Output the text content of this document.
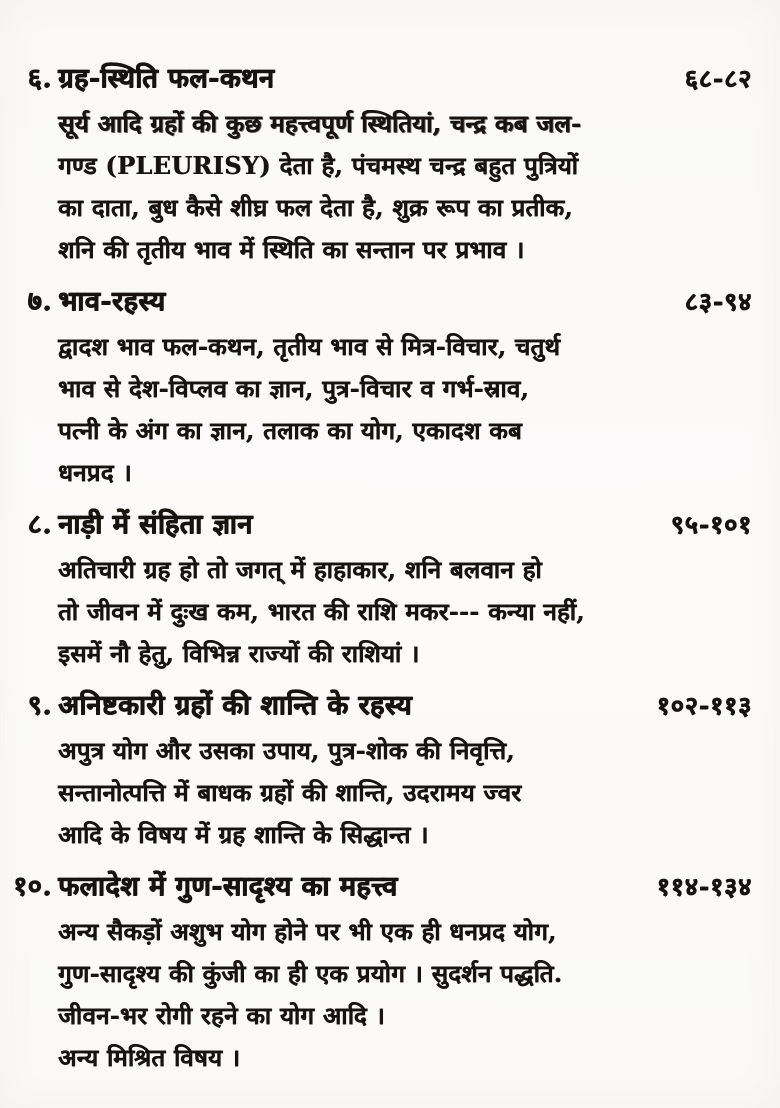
६. ग्रह-स्थिति फल-कथन	६८-८२
सूर्य आदि ग्रहों की कुछ महत्त्वपूर्ण स्थितियां, चन्द्र कब जल-
गण्ड (PLEURISY) देता है, पंचमस्थ चन्द्र बहुत पुत्रियों
का दाता, बुध कैसे शीघ्र फल देता है, शुक्र रूप का प्रतीक,
शनि की तृतीय भाव में स्थिति का सन्तान पर प्रभाव ।
७. भाव-रहस्य	८३-९४
द्वादश भाव फल-कथन, तृतीय भाव से मित्र-विचार, चतुर्थ
भाव से देश-विप्लव का ज्ञान, पुत्र-विचार व गर्भ-स्राव,
पत्नी के अंग का ज्ञान, तलाक का योग, एकादश कब
धनप्रद ।
८. नाड़ी में संहिता ज्ञान	९५-१०१
अतिचारी ग्रह हो तो जगत् में हाहाकार, शनि बलवान हो
तो जीवन में दुःख कम, भारत की राशि मकर--- कन्या नहीं,
इसमें नौ हेतु, विभिन्न राज्यों की राशियां ।
९. अनिष्टकारी ग्रहों की शान्ति के रहस्य	१०२-११३
अपुत्र योग और उसका उपाय, पुत्र-शोक की निवृत्ति,
सन्तानोत्पत्ति में बाधक ग्रहों की शान्ति, उदरामय ज्वर
आदि के विषय में ग्रह शान्ति के सिद्धान्त ।
१०. फलादेश में गुण-सादृश्य का महत्त्व	११४-१३४
अन्य सैकड़ों अशुभ योग होने पर भी एक ही धनप्रद योग,
गुण-सादृश्य की कुंजी का ही एक प्रयोग । सुदर्शन पद्धति.
जीवन-भर रोगी रहने का योग आदि ।
अन्य मिश्रित विषय ।
